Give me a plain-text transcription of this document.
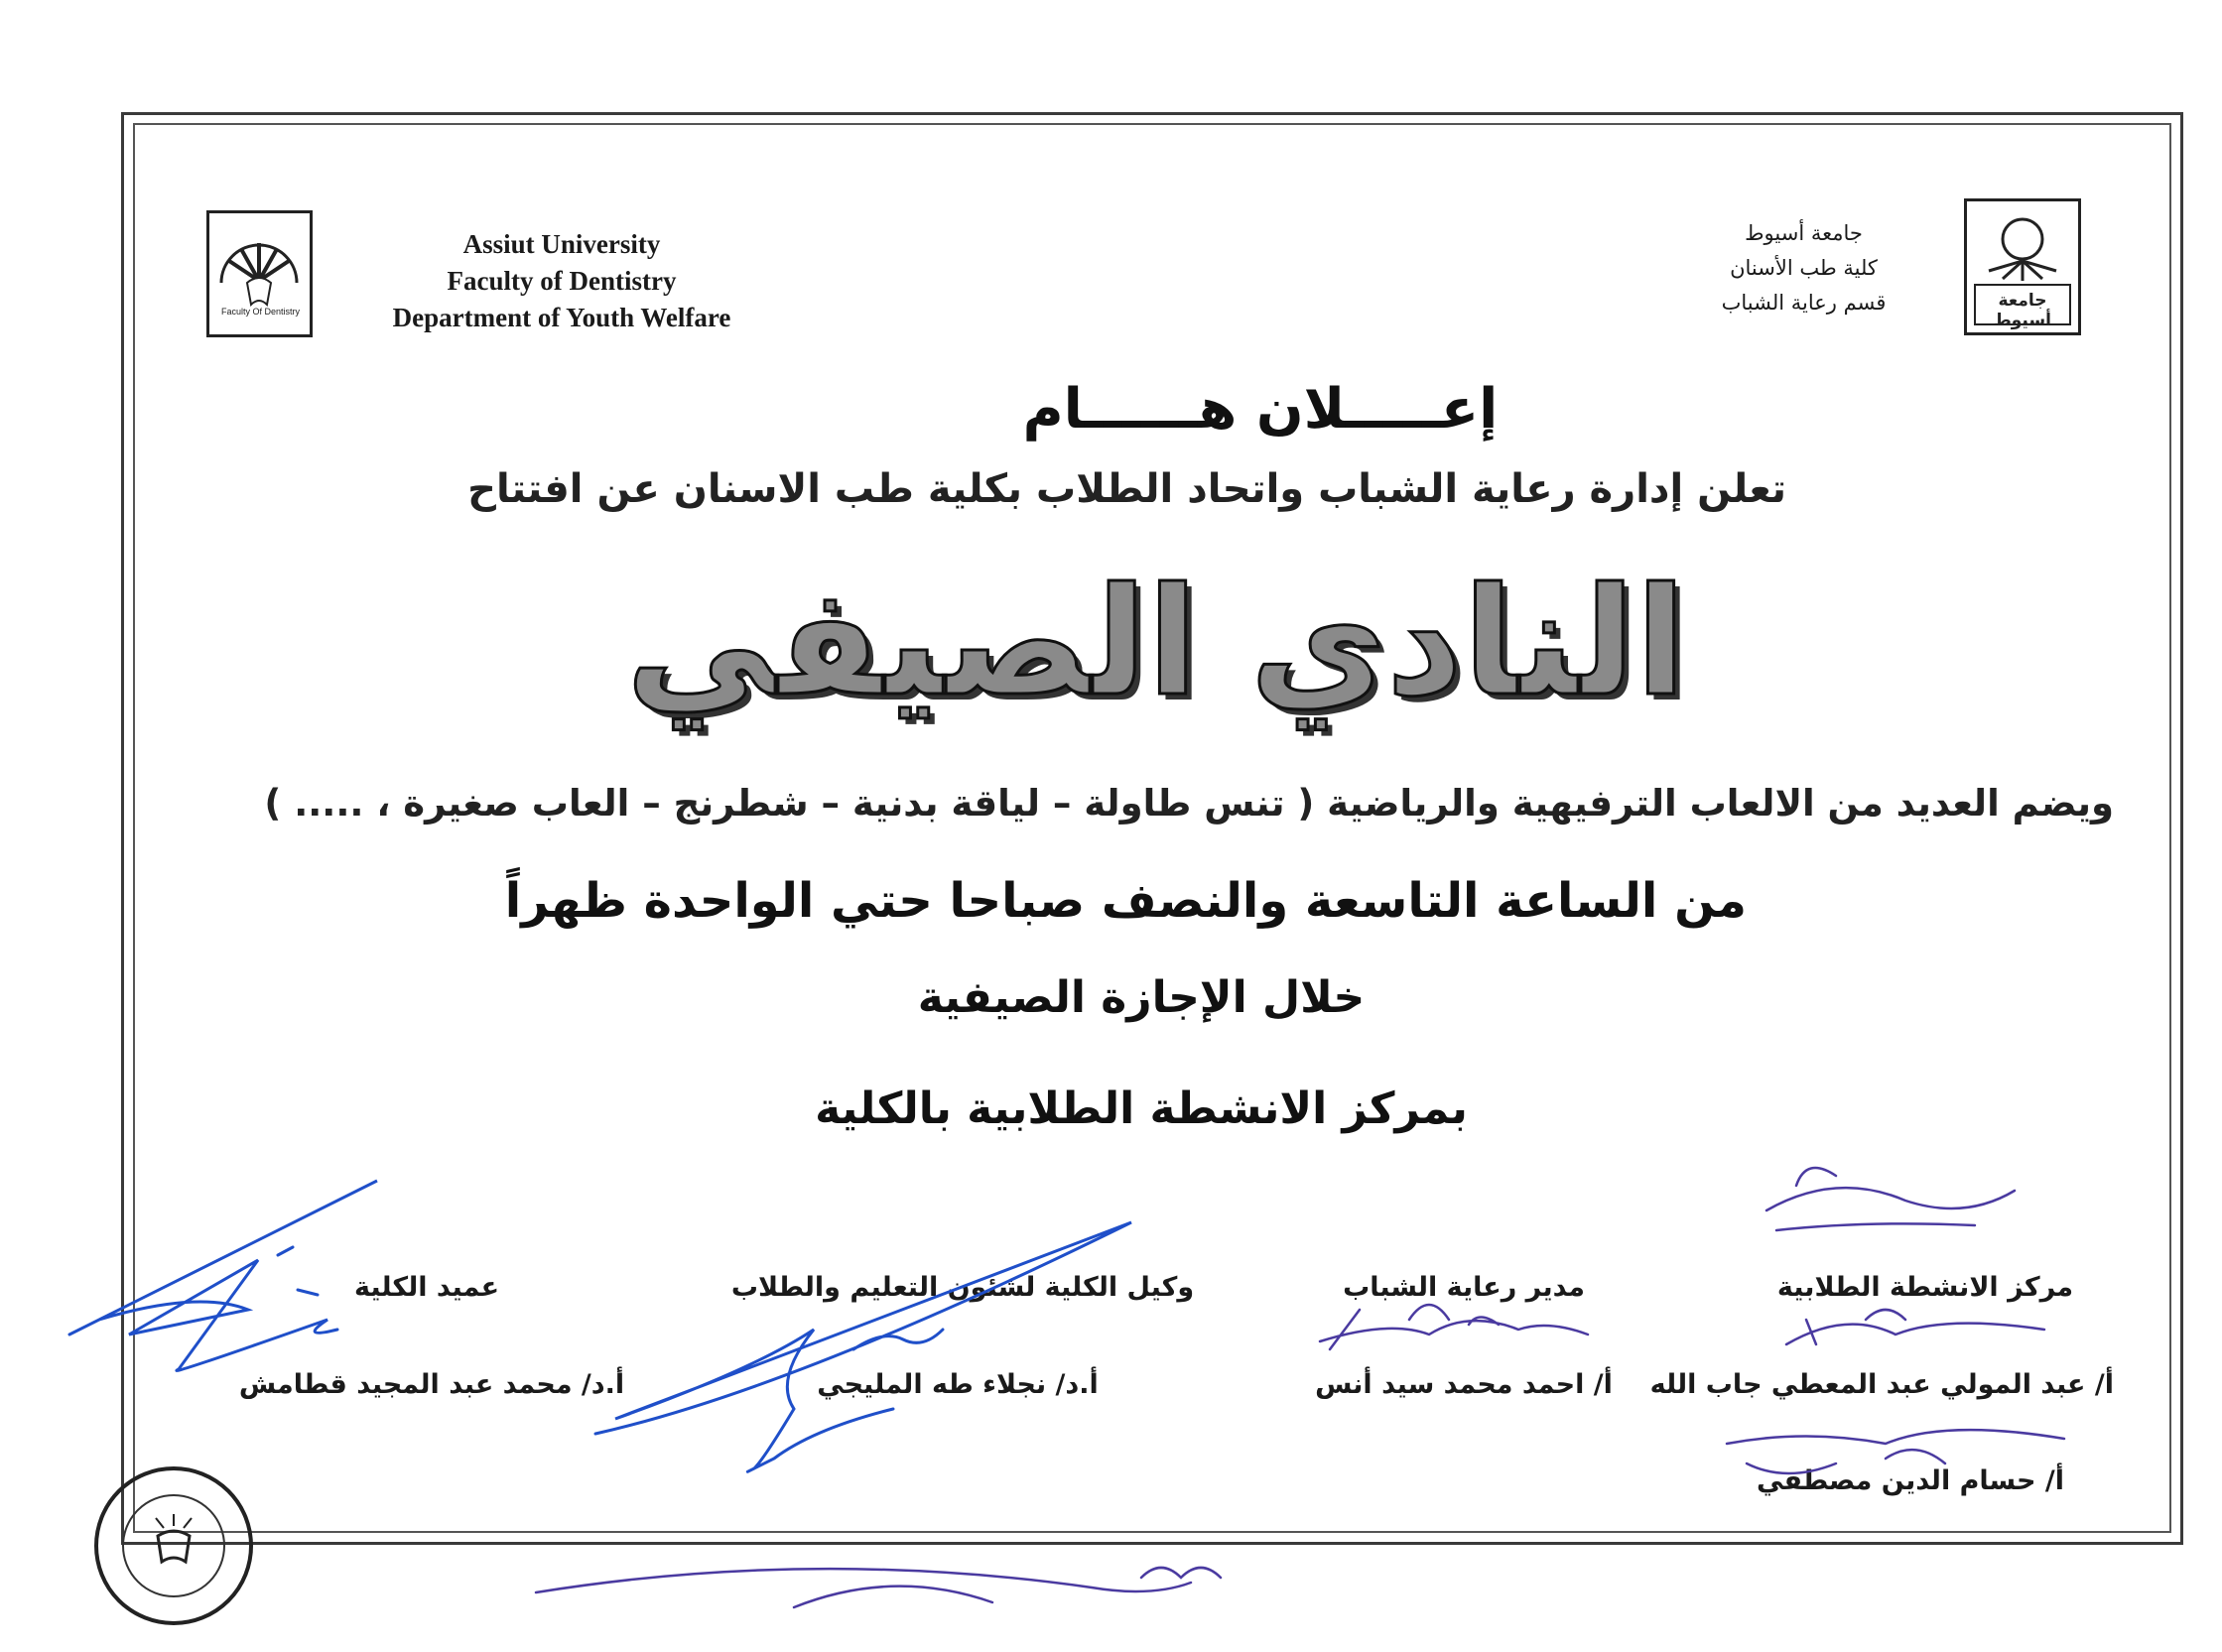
Faculty Of Dentistry
Assiut University
Faculty of Dentistry
Department of Youth Welfare
جامعة أسيوط
كلية طب الأسنان
قسم رعاية الشباب	جامعة أسيوط
إعـــــلان هــــــام
تعلن إدارة رعاية الشباب واتحاد الطلاب بكلية طب الاسنان عن افتتاح
النادي الصيفي
ويضم العديد من الالعاب الترفيهية والرياضية ( تنس طاولة – لياقة بدنية – شطرنج – العاب صغيرة ، ..... )
من الساعة التاسعة والنصف صباحا حتي الواحدة ظهراً
خلال الإجازة الصيفية
بمركز الانشطة الطلابية بالكلية
مركز الانشطة الطلابية
أ/ عبد المولي عبد المعطي جاب الله
أ/ حسام الدين مصطفي
مدير رعاية الشباب
أ/ احمد محمد سيد أنس
وكيل الكلية لشئون التعليم والطلاب
أ.د/ نجلاء طه المليجي
عميد الكلية
أ.د/ محمد عبد المجيد قطامش
